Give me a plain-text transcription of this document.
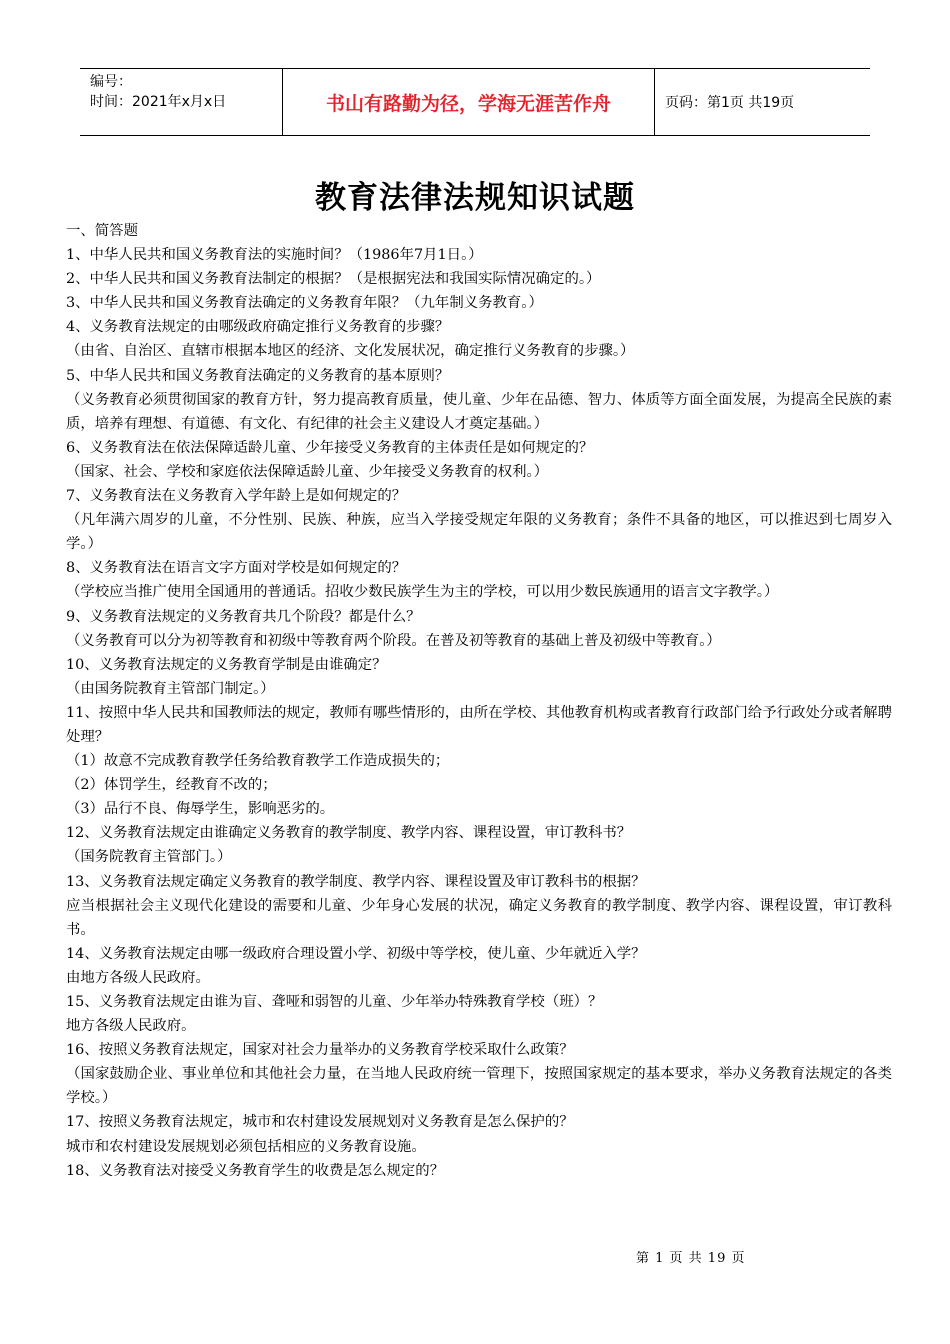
编号：
时间：2021年x月x日	书山有路勤为径，学海无涯苦作舟	页码：第1页 共19页
教育法律法规知识试题

一、简答题

1、中华人民共和国义务教育法的实施时间？（1986年7月1日。）

2、中华人民共和国义务教育法制定的根据？（是根据宪法和我国实际情况确定的。）

3、中华人民共和国义务教育法确定的义务教育年限？（九年制义务教育。）

4、义务教育法规定的由哪级政府确定推行义务教育的步骤？

（由省、自治区、直辖市根据本地区的经济、文化发展状况，确定推行义务教育的步骤。）

5、中华人民共和国义务教育法确定的义务教育的基本原则？

（义务教育必须贯彻国家的教育方针，努力提高教育质量，使儿童、少年在品德、智力、体质等方面全面发展，为提高全民族的素质，培养有理想、有道德、有文化、有纪律的社会主义建设人才奠定基础。）

6、义务教育法在依法保障适龄儿童、少年接受义务教育的主体责任是如何规定的？

（国家、社会、学校和家庭依法保障适龄儿童、少年接受义务教育的权利。）

7、义务教育法在义务教育入学年龄上是如何规定的？

（凡年满六周岁的儿童，不分性别、民族、种族，应当入学接受规定年限的义务教育；条件不具备的地区，可以推迟到七周岁入学。）

8、义务教育法在语言文字方面对学校是如何规定的？

（学校应当推广使用全国通用的普通话。招收少数民族学生为主的学校，可以用少数民族通用的语言文字教学。）

9、义务教育法规定的义务教育共几个阶段？都是什么？

（义务教育可以分为初等教育和初级中等教育两个阶段。在普及初等教育的基础上普及初级中等教育。）

10、义务教育法规定的义务教育学制是由谁确定？

（由国务院教育主管部门制定。）

11、按照中华人民共和国教师法的规定，教师有哪些情形的，由所在学校、其他教育机构或者教育行政部门给予行政处分或者解聘处理？

（1）故意不完成教育教学任务给教育教学工作造成损失的；

（2）体罚学生，经教育不改的；

（3）品行不良、侮辱学生，影响恶劣的。

12、义务教育法规定由谁确定义务教育的教学制度、教学内容、课程设置，审订教科书？

（国务院教育主管部门。）

13、义务教育法规定确定义务教育的教学制度、教学内容、课程设置及审订教科书的根据？

应当根据社会主义现代化建设的需要和儿童、少年身心发展的状况，确定义务教育的教学制度、教学内容、课程设置，审订教科书。

14、义务教育法规定由哪一级政府合理设置小学、初级中等学校，使儿童、少年就近入学？

由地方各级人民政府。

15、义务教育法规定由谁为盲、聋哑和弱智的儿童、少年举办特殊教育学校（班）？

地方各级人民政府。

16、按照义务教育法规定，国家对社会力量举办的义务教育学校采取什么政策？

（国家鼓励企业、事业单位和其他社会力量，在当地人民政府统一管理下，按照国家规定的基本要求，举办义务教育法规定的各类学校。）

17、按照义务教育法规定，城市和农村建设发展规划对义务教育是怎么保护的？

城市和农村建设发展规划必须包括相应的义务教育设施。

18、义务教育法对接受义务教育学生的收费是怎么规定的？

第 1 页 共 19 页
